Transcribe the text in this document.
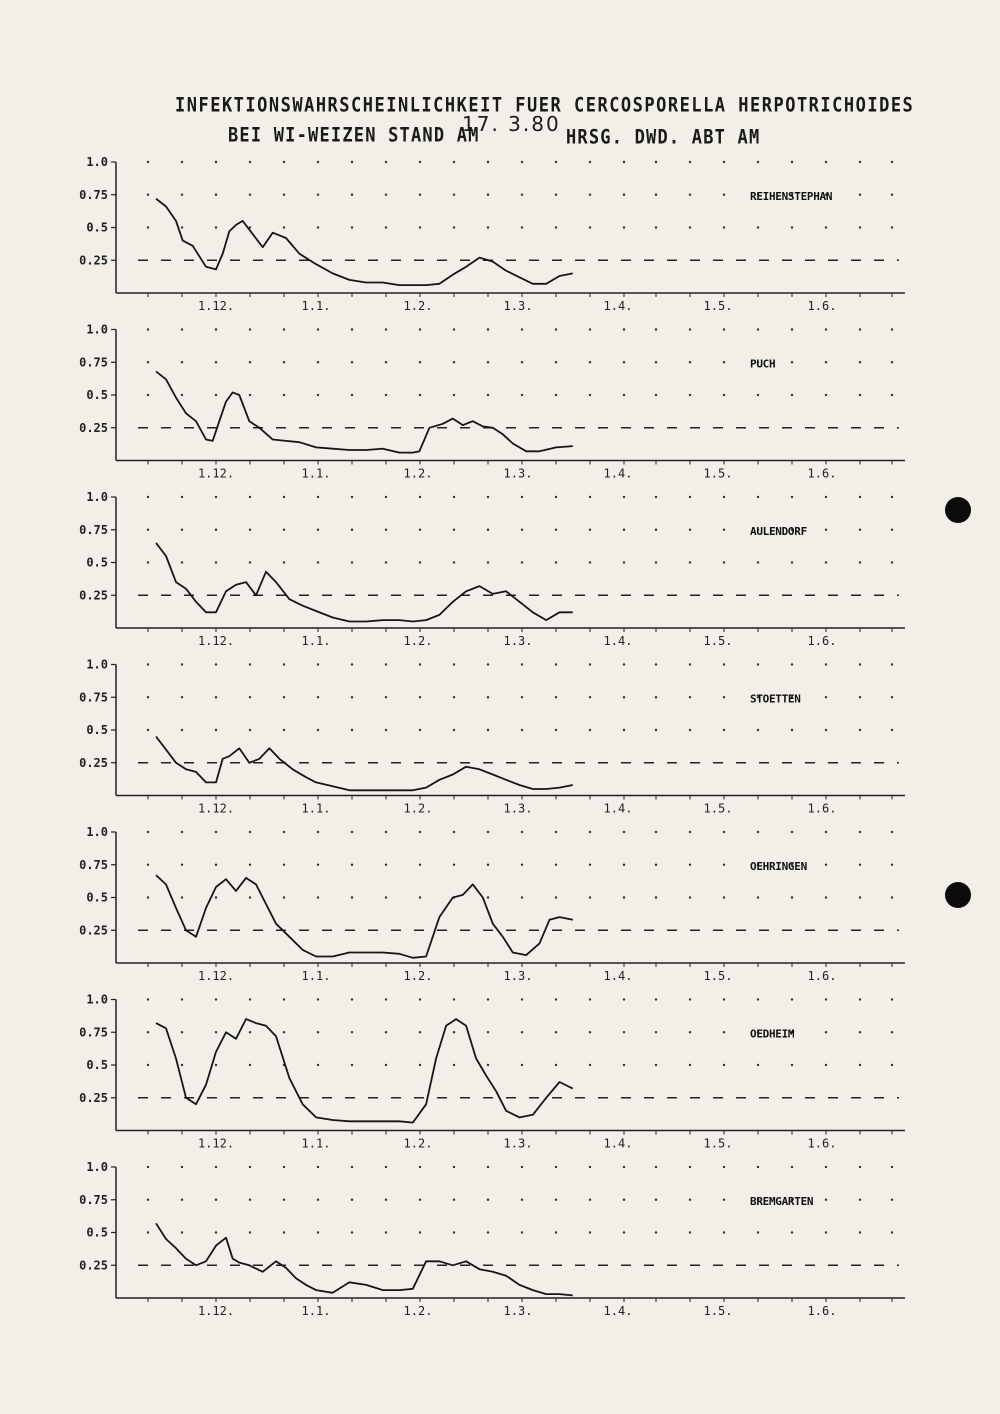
INFEKTIONSWAHRSCHEINLICHKEIT FUER CERCOSPORELLA HERPOTRICHOIDES
BEI WI-WEIZEN STAND AM
17. 3.80
HRSG. DWD. ABT AM
1.0
0.75
0.5
0.25
1.12.	1.1.	1.2.	1.3.	1.4.	1.5.	1.6.
REIHENSTEPHAN
1.0
0.75
0.5
0.25
1.12.	1.1.	1.2.	1.3.	1.4.	1.5.	1.6.
PUCH
1.0
0.75
0.5
0.25
1.12.	1.1.	1.2.	1.3.	1.4.	1.5.	1.6.
AULENDORF
1.0
0.75
0.5
0.25
1.12.	1.1.	1.2.	1.3.	1.4.	1.5.	1.6.
STOETTEN
1.0
0.75
0.5
0.25
1.12.	1.1.	1.2.	1.3.	1.4.	1.5.	1.6.
OEHRINGEN
1.0
0.75
0.5
0.25
1.12.	1.1.	1.2.	1.3.	1.4.	1.5.	1.6.
OEDHEIM
1.0
0.75
0.5
0.25
1.12.	1.1.	1.2.	1.3.	1.4.	1.5.	1.6.
BREMGARTEN
